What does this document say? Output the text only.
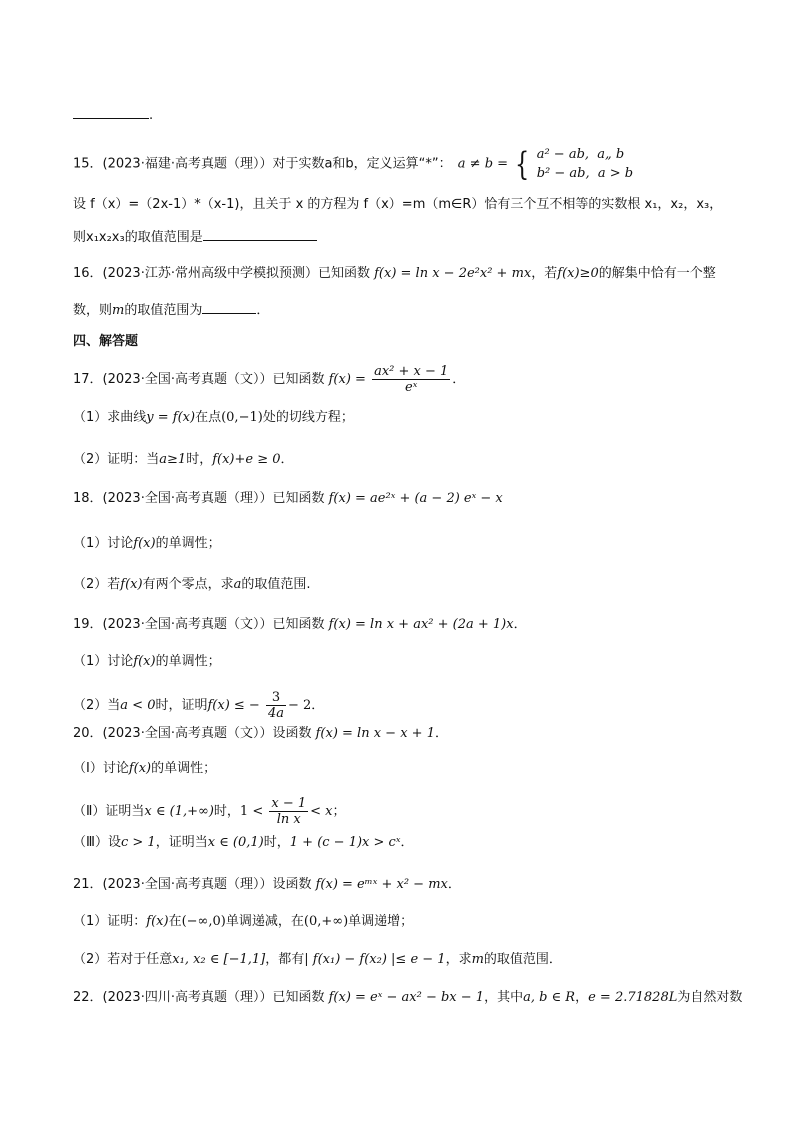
.
15．(2023·福建·高考真题（理））对于实数a和b，定义运算“*”： a ≠ b = { a² − ab, a„ b
b² − ab, a > b
设 f（x）=（2x-1）*（x-1)，且关于 x 的方程为 f（x）=m（m∈R）恰有三个互不相等的实数根 x₁，x₂，x₃，
则x₁x₂x₃的取值范围是
16．(2023·江苏·常州高级中学模拟预测）已知函数 f(x) = ln x − 2e²x² + mx，若f(x)≥0的解集中恰有一个整
数，则m的取值范围为	．
四、解答题
17．(2023·全国·高考真题（文））已知函数 $f(x) = \frac{\text{ax² + x − 1}}{\text{eˣ}}$ ．
（1）求曲线y = f(x)在点(0,−1)处的切线方程；
（2）证明：当a≥1时，f(x)+e ≥ 0．
18．(2023·全国·高考真题（理））已知函数 f(x) = ae²ˣ + (a − 2) eˣ − x
（1）讨论f(x)的单调性；
（2）若f(x)有两个零点，求a的取值范围.
19．(2023·全国·高考真题（文））已知函数 f(x) = ln x + ax² + (2a + 1)x．
（1）讨论f(x)的单调性；
（2）当a < 0时，证明f(x) ≤ − $\frac{3}{4a} - 2$．
20．(2023·全国·高考真题（文））设函数 f(x) = ln x − x + 1．
（Ⅰ）讨论f(x)的单调性；
（Ⅱ）证明当x ∈ (1,+∞)时，$1 < \frac{x - 1}{\text{ln x}} < x$；
（Ⅲ）设c > 1，证明当x ∈ (0,1)时，1 + (c − 1)x > cˣ．
21．(2023·全国·高考真题（理））设函数 f(x) = eᵐˣ + x² − mx．
（1）证明：f(x)在(−∞,0)单调递减，在(0,+∞)单调递增；
（2）若对于任意x₁, x₂ ∈ [−1,1]，都有| f(x₁) − f(x₂) |≤ e − 1，求m的取值范围．
22．(2023·四川·高考真题（理））已知函数 f(x) = eˣ − ax² − bx − 1，其中a, b ∈ R，e = 2.71828L为自然对数
